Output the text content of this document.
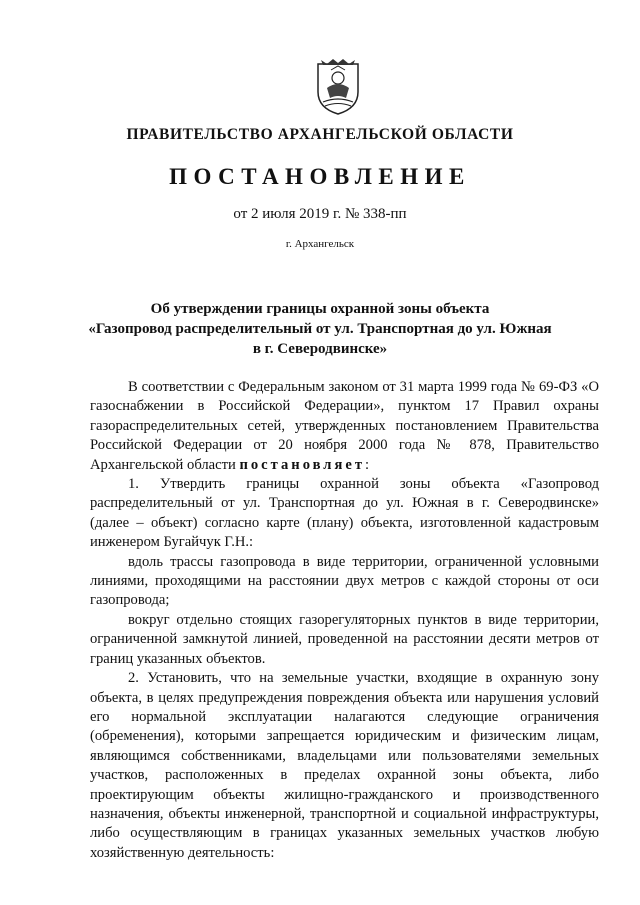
ПРАВИТЕЛЬСТВО АРХАНГЕЛЬСКОЙ ОБЛАСТИ
ПОСТАНОВЛЕНИЕ
от 2 июля 2019 г. № 338-пп
г. Архангельск
Об утверждении границы охранной зоны объекта
«Газопровод распределительный от ул. Транспортная до ул. Южная
в г. Северодвинске»

В соответствии с Федеральным законом от 31 марта 1999 года № 69-ФЗ «О газоснабжении в Российской Федерации», пунктом 17 Правил охраны газораспределительных сетей, утвержденных постановлением Правительства Российской Федерации от 20 ноября 2000 года № 878, Правительство Архангельской области постановляет:

1. Утвердить границы охранной зоны объекта «Газопровод распределительный от ул. Транспортная до ул. Южная в г. Северодвинске» (далее – объект) согласно карте (плану) объекта, изготовленной кадастровым инженером Бугайчук Г.Н.:

вдоль трассы газопровода в виде территории, ограниченной условными линиями, проходящими на расстоянии двух метров с каждой стороны от оси газопровода;

вокруг отдельно стоящих газорегуляторных пунктов в виде территории, ограниченной замкнутой линией, проведенной на расстоянии десяти метров от границ указанных объектов.

2. Установить, что на земельные участки, входящие в охранную зону объекта, в целях предупреждения повреждения объекта или нарушения условий его нормальной эксплуатации налагаются следующие ограничения (обременения), которыми запрещается юридическим и физическим лицам, являющимся собственниками, владельцами или пользователями земельных участков, расположенных в пределах охранной зоны объекта, либо проектирующим объекты жилищно-гражданского и производственного назначения, объекты инженерной, транспортной и социальной инфраструктуры, либо осуществляющим в границах указанных земельных участков любую хозяйственную деятельность:
